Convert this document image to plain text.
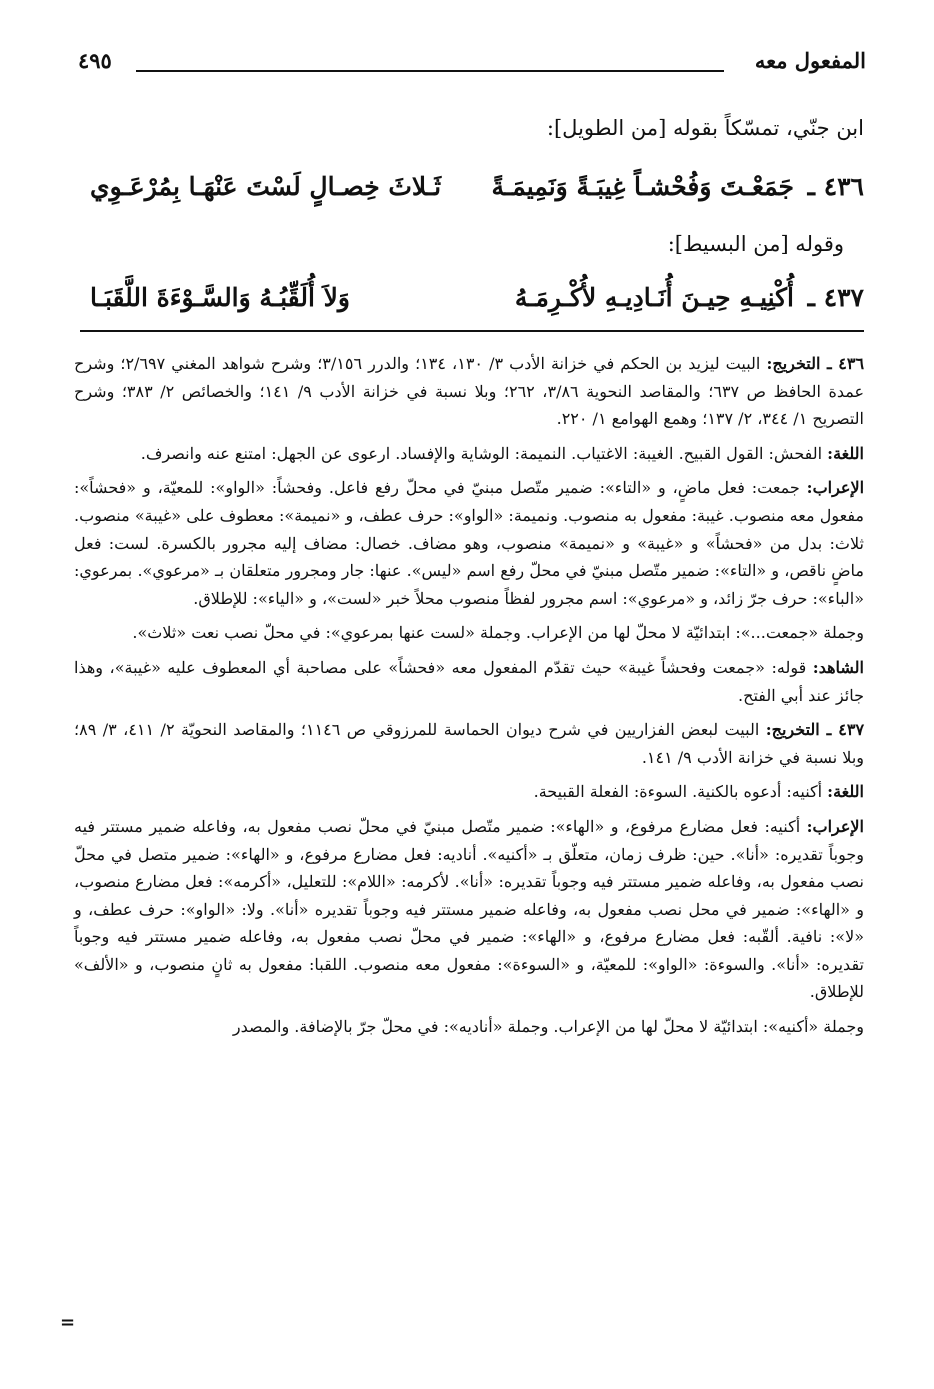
المفعول معه
٤٩٥
ابن جنّي، تمسّكاً بقوله [من الطويل]:
٤٣٦ ـ
جَمَعْـتَ وَفُحْشـاً غِيبَـةً وَنَمِيمَـةً
ثَـلاثَ خِصـالٍ لَسْتَ عَنْهَـا بِمُرْعَـوِي
وقوله [من البسيط]:
٤٣٧ ـ
أُكْنِيـهِ حِيـنَ أُنَـادِيـهِ لأُكْـرِمَـهُ
وَلاَ أُلَقِّبُـهُ وَالسَّـوْءَةَ اللَّقَبَـا

٤٣٦ ـ التخريج: البيت ليزيد بن الحكم في خزانة الأدب ٣/ ١٣٠، ١٣٤؛ والدرر ٣/١٥٦؛ وشرح شواهد المغني ٢/٦٩٧؛ وشرح عمدة الحافظ ص ٦٣٧؛ والمقاصد النحوية ٣/٨٦، ٢٦٢؛ وبلا نسبة في خزانة الأدب ٩/ ١٤١؛ والخصائص ٢/ ٣٨٣؛ وشرح التصريح ١/ ٣٤٤، ٢/ ١٣٧؛ وهمع الهوامع ١/ ٢٢٠.

اللغة: الفحش: القول القبيح. الغيبة: الاغتياب. النميمة: الوشاية والإفساد. ارعوى عن الجهل: امتنع عنه وانصرف.

الإعراب: جمعت: فعل ماضٍ، و «التاء»: ضمير متّصل مبنيّ في محلّ رفع فاعل. وفحشاً: «الواو»: للمعيّة، و «فحشاً»: مفعول معه منصوب. غيبة: مفعول به منصوب. ونميمة: «الواو»: حرف عطف، و «نميمة»: معطوف على «غيبة» منصوب. ثلاث: بدل من «فحشاً» و «غيبة» و «نميمة» منصوب، وهو مضاف. خصال: مضاف إليه مجرور بالكسرة. لست: فعل ماضٍ ناقص، و «التاء»: ضمير متّصل مبنيّ في محلّ رفع اسم «ليس». عنها: جار ومجرور متعلقان بـ «مرعوي». بمرعوي: «الباء»: حرف جرّ زائد، و «مرعوي»: اسم مجرور لفظاً منصوب محلاً خبر «لست»، و «الياء»: للإطلاق.

وجملة «جمعت...»: ابتدائيّة لا محلّ لها من الإعراب. وجملة «لست عنها بمرعوي»: في محلّ نصب نعت «ثلاث».

الشاهد: قوله: «جمعت وفحشاً غيبة» حيث تقدّم المفعول معه «فحشاً» على مصاحبة أي المعطوف عليه «غيبة»، وهذا جائز عند أبي الفتح.

٤٣٧ ـ التخريج: البيت لبعض الفزاريين في شرح ديوان الحماسة للمرزوقي ص ١١٤٦؛ والمقاصد النحويّة ٢/ ٤١١، ٣/ ٨٩؛ وبلا نسبة في خزانة الأدب ٩/ ١٤١.

اللغة: أكنيه: أدعوه بالكنية. السوءة: الفعلة القبيحة.

الإعراب: أكنيه: فعل مضارع مرفوع، و «الهاء»: ضمير متّصل مبنيّ في محلّ نصب مفعول به، وفاعله ضمير مستتر فيه وجوباً تقديره: «أنا». حين: ظرف زمان، متعلّق بـ «أكنيه». أناديه: فعل مضارع مرفوع، و «الهاء»: ضمير متصل في محلّ نصب مفعول به، وفاعله ضمير مستتر فيه وجوباً تقديره: «أنا». لأكرمه: «اللام»: للتعليل، «أكرمه»: فعل مضارع منصوب، و «الهاء»: ضمير في محل نصب مفعول به، وفاعله ضمير مستتر فيه وجوباً تقديره «أنا». ولا: «الواو»: حرف عطف، و «لا»: نافية. ألقّبه: فعل مضارع مرفوع، و «الهاء»: ضمير في محلّ نصب مفعول به، وفاعله ضمير مستتر فيه وجوباً تقديره: «أنا». والسوءة: «الواو»: للمعيّة، و «السوءة»: مفعول معه منصوب. اللقبا: مفعول به ثانٍ منصوب، و «الألف» للإطلاق.

وجملة «أكنيه»: ابتدائيّة لا محلّ لها من الإعراب. وجملة «أناديه»: في محلّ جرّ بالإضافة. والمصدر

=
